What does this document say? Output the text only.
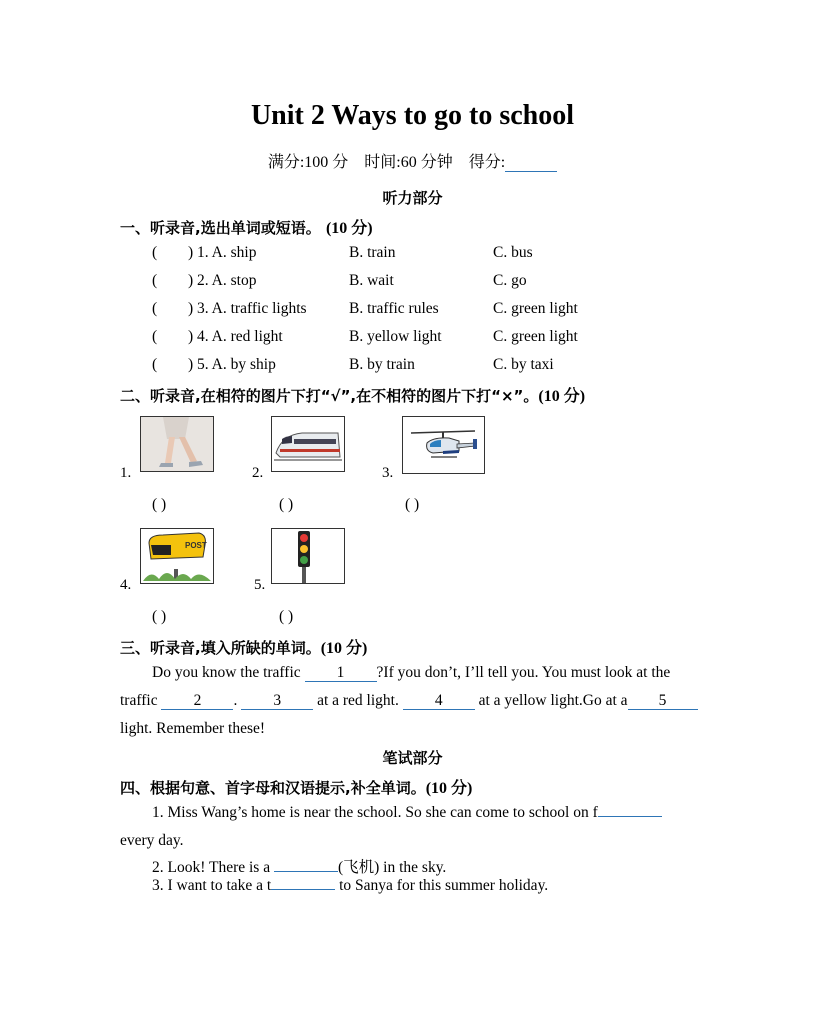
Unit 2 Ways to go to school
满分:100 分 时间:60 分钟 得分:
听力部分
一、听录音,选出单词或短语。 (10 分)
( ) 1. A. ship	B. train	C. bus
( ) 2. A. stop	B. wait	C. go
( ) 3. A. traffic lights	B. traffic rules	C. green light
( ) 4. A. red light	B. yellow light	C. green light
( ) 5. A. by ship	B. by train	C. by taxi
二、听录音,在相符的图片下打“√”,在不相符的图片下打“×”。(10 分)
1.	2.	3.
( )	( )	( )
4.
POST
5.
( )	( )
三、听录音,填入所缺的单词。(10 分)
Do you know the traffic 1 ?If you don’t, I’ll tell you. You must look at the
traffic 2 . 3 at a red light. 4 at a yellow light.Go at a 5
light. Remember these!
笔试部分
四、根据句意、首字母和汉语提示,补全单词。(10 分)
1. Miss Wang’s home is near the school. So she can come to school on f
every day.
2. Look! There is a	(飞机) in the sky.
3. I want to take a t	to Sanya for this summer holiday.
